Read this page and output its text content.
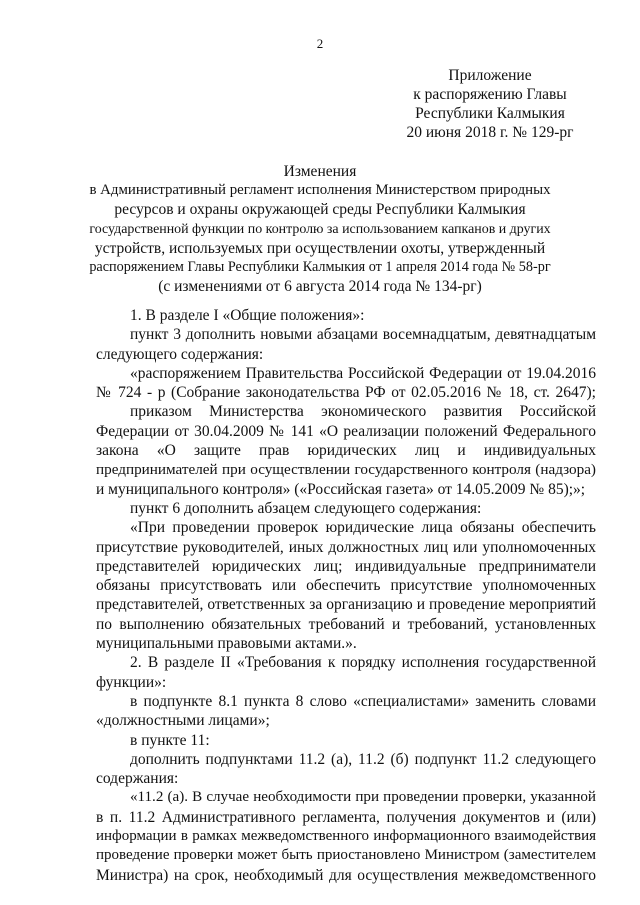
2
Приложение
к распоряжению Главы
Республики Калмыкия
20 июня 2018 г. № 129-рг
Изменения
в Административный регламент исполнения Министерством природных
ресурсов и охраны окружающей среды Республики Калмыкия
государственной функции по контролю за использованием капканов и других
устройств, используемых при осуществлении охоты, утвержденный
распоряжением Главы Республики Калмыкия от 1 апреля 2014 года № 58-рг
(с изменениями от 6 августа 2014 года № 134-рг)
1. В разделе I «Общие положения»:
пункт 3 дополнить новыми абзацами восемнадцатым, девятнадцатым
следующего содержания:
«распоряжением Правительства Российской Федерации от 19.04.2016
№ 724 - р (Собрание законодательства РФ от 02.05.2016 № 18, ст. 2647);
приказом Министерства экономического развития Российской
Федерации от 30.04.2009 № 141 «О реализации положений Федерального
закона «О защите прав юридических лиц и индивидуальных
предпринимателей при осуществлении государственного контроля (надзора)
и муниципального контроля» («Российская газета» от 14.05.2009 № 85);»;
пункт 6 дополнить абзацем следующего содержания:
«При проведении проверок юридические лица обязаны обеспечить
присутствие руководителей, иных должностных лиц или уполномоченных
представителей юридических лиц; индивидуальные предприниматели
обязаны присутствовать или обеспечить присутствие уполномоченных
представителей, ответственных за организацию и проведение мероприятий
по выполнению обязательных требований и требований, установленных
муниципальными правовыми актами.».
2. В разделе II «Требования к порядку исполнения государственной
функции»:
в подпункте 8.1 пункта 8 слово «специалистами» заменить словами
«должностными лицами»;
в пункте 11:
дополнить подпунктами 11.2 (а), 11.2 (б) подпункт 11.2 следующего
содержания:
«11.2 (а). В случае необходимости при проведении проверки, указанной
в п. 11.2 Административного регламента, получения документов и (или)
информации в рамках межведомственного информационного взаимодействия
проведение проверки может быть приостановлено Министром (заместителем
Министра) на срок, необходимый для осуществления межведомственного
